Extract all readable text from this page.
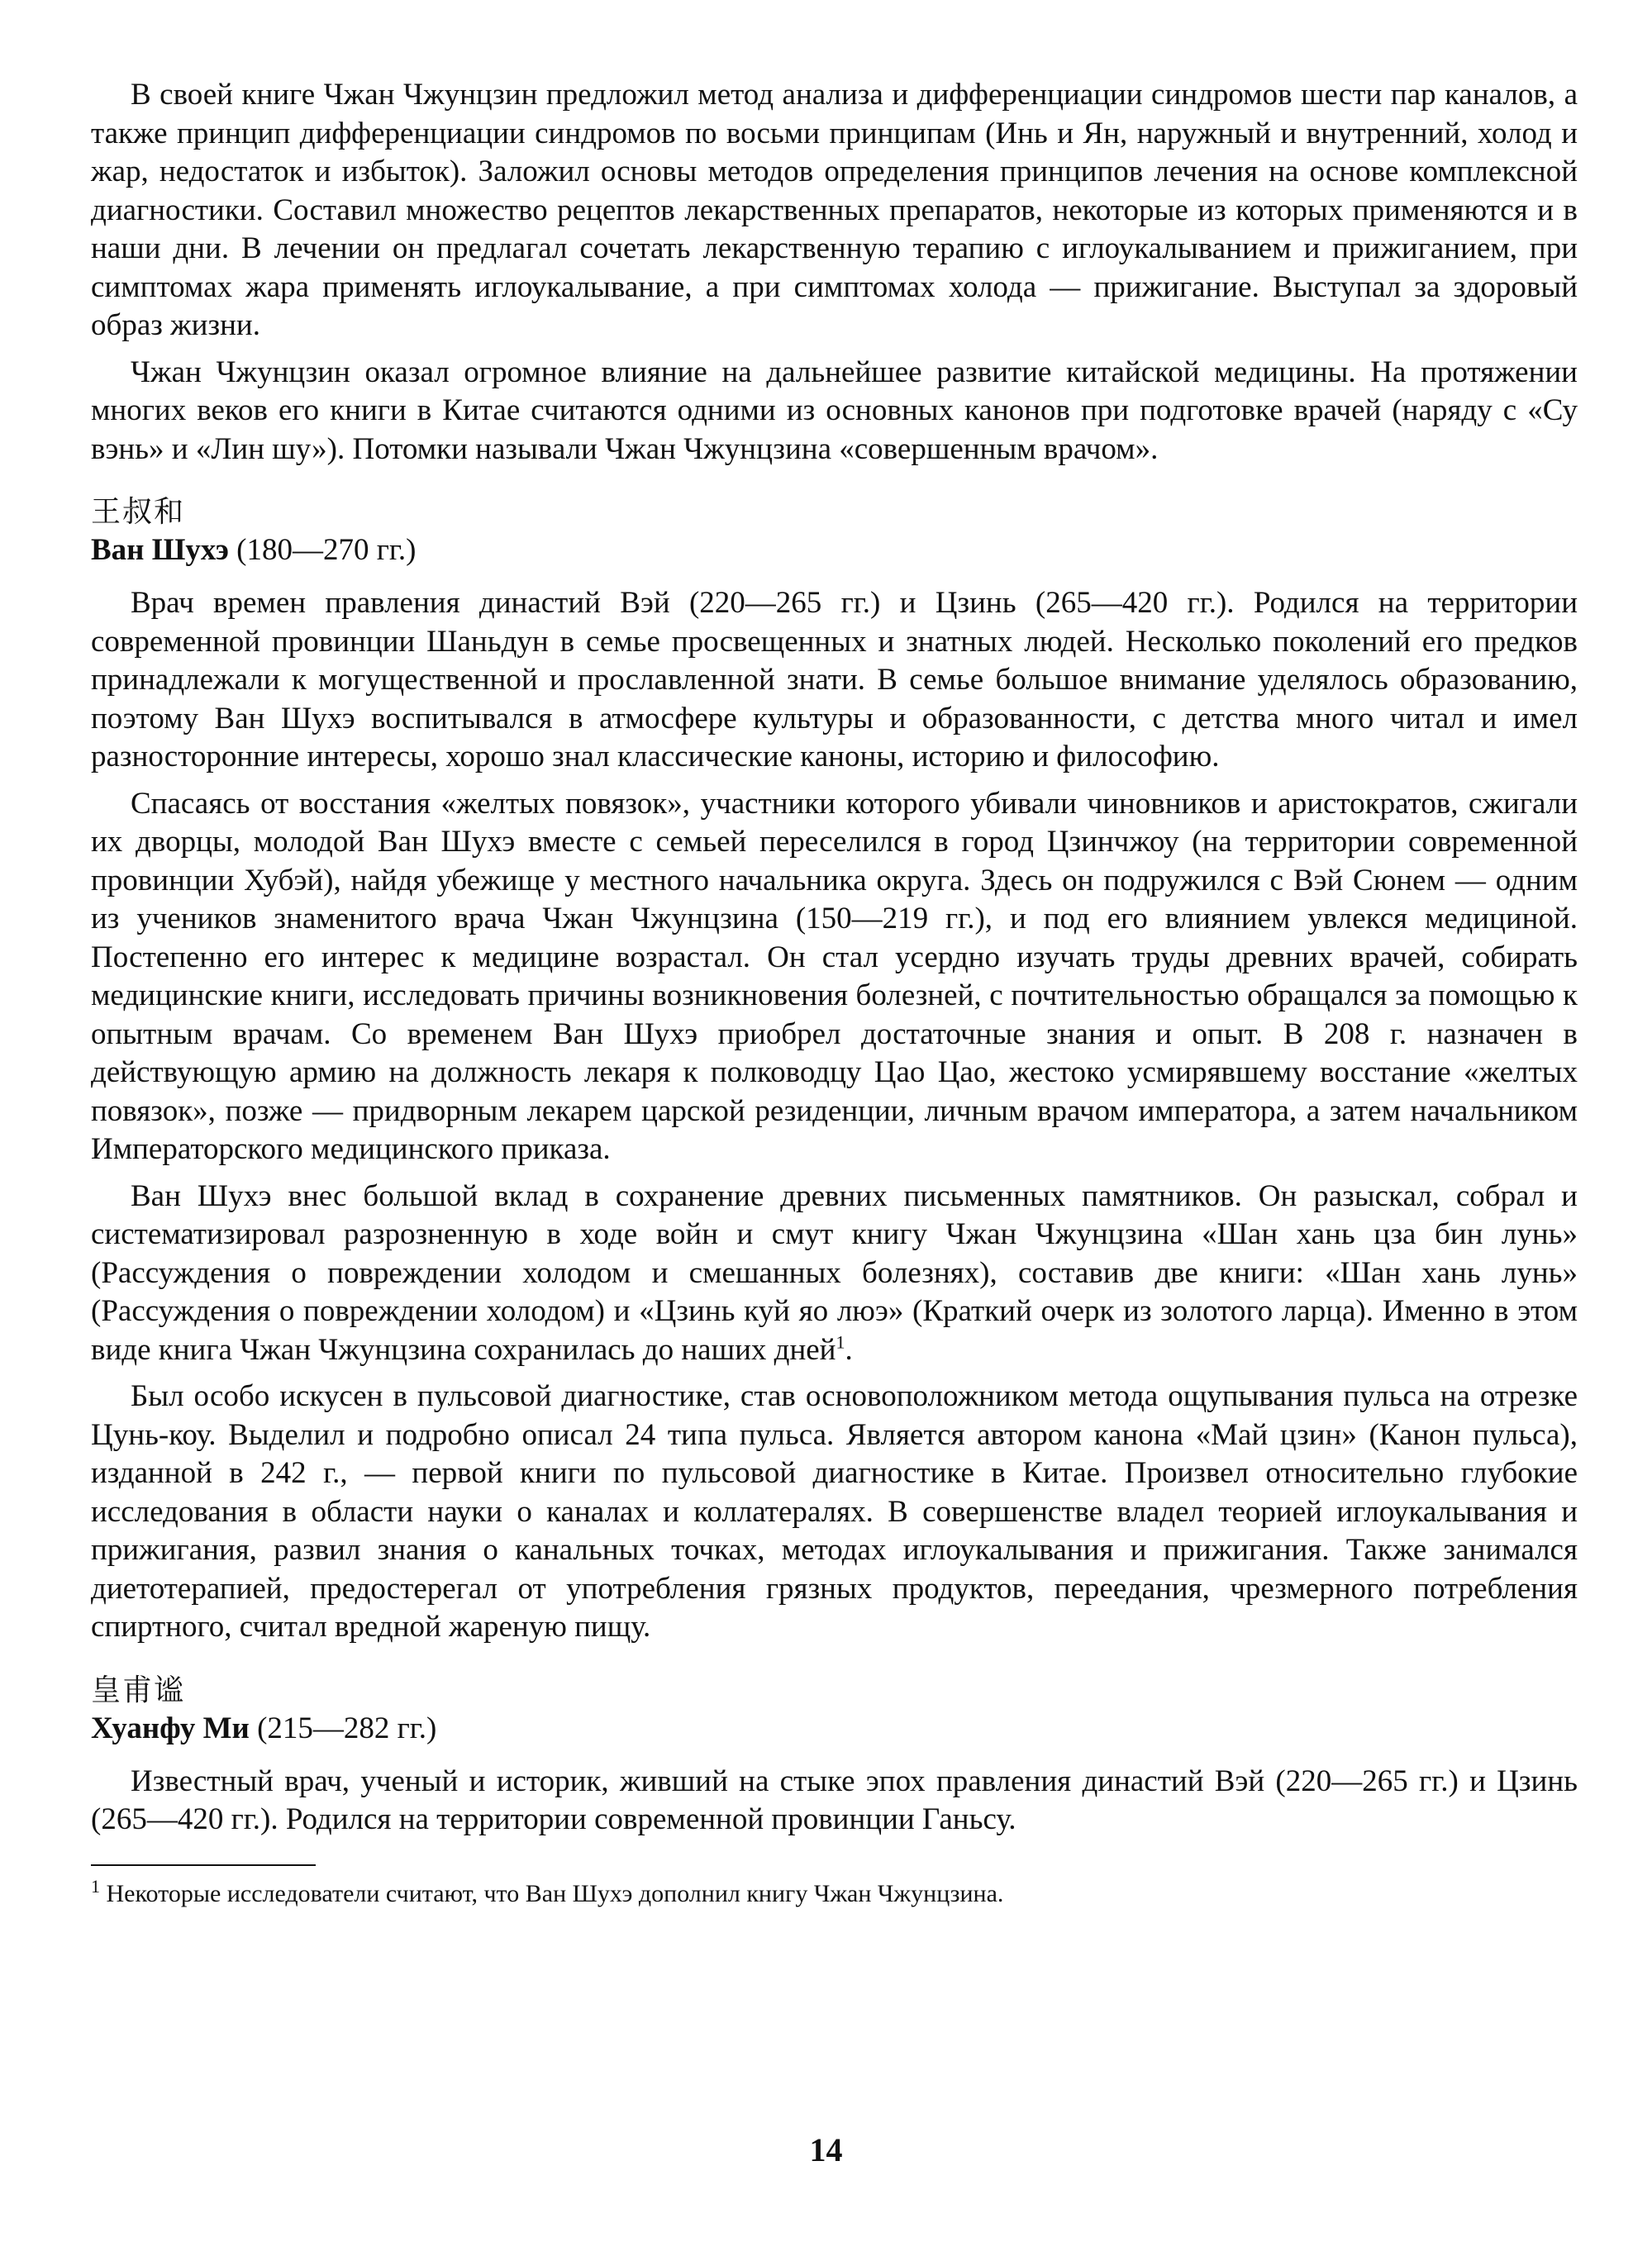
В своей книге Чжан Чжунцзин предложил метод анализа и дифференциации синдромов шести пар каналов, а также принцип дифференциации синдромов по восьми принципам (Инь и Ян, наружный и внутренний, холод и жар, недостаток и избыток). Заложил основы методов определения принципов лечения на основе комплексной диагностики. Составил множество рецептов лекарственных препаратов, некоторые из которых применяются и в наши дни. В лечении он предлагал сочетать лекарственную терапию с иглоукалыванием и прижиганием, при симптомах жара применять иглоукалывание, а при симптомах холода — прижигание. Выступал за здоровый образ жизни.

Чжан Чжунцзин оказал огромное влияние на дальнейшее развитие китайской медицины. На протяжении многих веков его книги в Китае считаются одними из основных канонов при подготовке врачей (наряду с «Су вэнь» и «Лин шу»). Потомки называли Чжан Чжунцзина «совершенным врачом».

王叔和

Ван Шухэ (180—270 гг.)

Врач времен правления династий Вэй (220—265 гг.) и Цзинь (265—420 гг.). Родился на территории современной провинции Шаньдун в семье просвещенных и знатных людей. Несколько поколений его предков принадлежали к могущественной и прославленной знати. В семье большое внимание уделялось образованию, поэтому Ван Шухэ воспитывался в атмосфере культуры и образованности, с детства много читал и имел разносторонние интересы, хорошо знал классические каноны, историю и философию.

Спасаясь от восстания «желтых повязок», участники которого убивали чиновников и аристократов, сжигали их дворцы, молодой Ван Шухэ вместе с семьей переселился в город Цзинчжоу (на территории современной провинции Хубэй), найдя убежище у местного начальника округа. Здесь он подружился с Вэй Сюнем — одним из учеников знаменитого врача Чжан Чжунцзина (150—219 гг.), и под его влиянием увлекся медициной. Постепенно его интерес к медицине возрастал. Он стал усердно изучать труды древних врачей, собирать медицинские книги, исследовать причины возникновения болезней, с почтительностью обращался за помощью к опытным врачам. Со временем Ван Шухэ приобрел достаточные знания и опыт. В 208 г. назначен в действующую армию на должность лекаря к полководцу Цао Цао, жестоко усмирявшему восстание «желтых повязок», позже — придворным лекарем царской резиденции, личным врачом императора, а затем начальником Императорского медицинского приказа.

Ван Шухэ внес большой вклад в сохранение древних письменных памятников. Он разыскал, собрал и систематизировал разрозненную в ходе войн и смут книгу Чжан Чжунцзина «Шан хань цза бин лунь» (Рассуждения о повреждении холодом и смешанных болезнях), составив две книги: «Шан хань лунь» (Рассуждения о повреждении холодом) и «Цзинь куй яо люэ» (Краткий очерк из золотого ларца). Именно в этом виде книга Чжан Чжунцзина сохранилась до наших дней$^1$.

Был особо искусен в пульсовой диагностике, став основоположником метода ощупывания пульса на отрезке Цунь-коу. Выделил и подробно описал 24 типа пульса. Является автором канона «Май цзин» (Канон пульса), изданной в 242 г., — первой книги по пульсовой диагностике в Китае. Произвел относительно глубокие исследования в области науки о каналах и коллатералях. В совершенстве владел теорией иглоукалывания и прижигания, развил знания о канальных точках, методах иглоукалывания и прижигания. Также занимался диетотерапией, предостерегал от употребления грязных продуктов, переедания, чрезмерного потребления спиртного, считал вредной жареную пищу.

皇甫谧

Хуанфу Ми (215—282 гг.)

Известный врач, ученый и историк, живший на стыке эпох правления династий Вэй (220—265 гг.) и Цзинь (265—420 гг.). Родился на территории современной провинции Ганьсу.

$^1$ Некоторые исследователи считают, что Ван Шухэ дополнил книгу Чжан Чжунцзина.

14
